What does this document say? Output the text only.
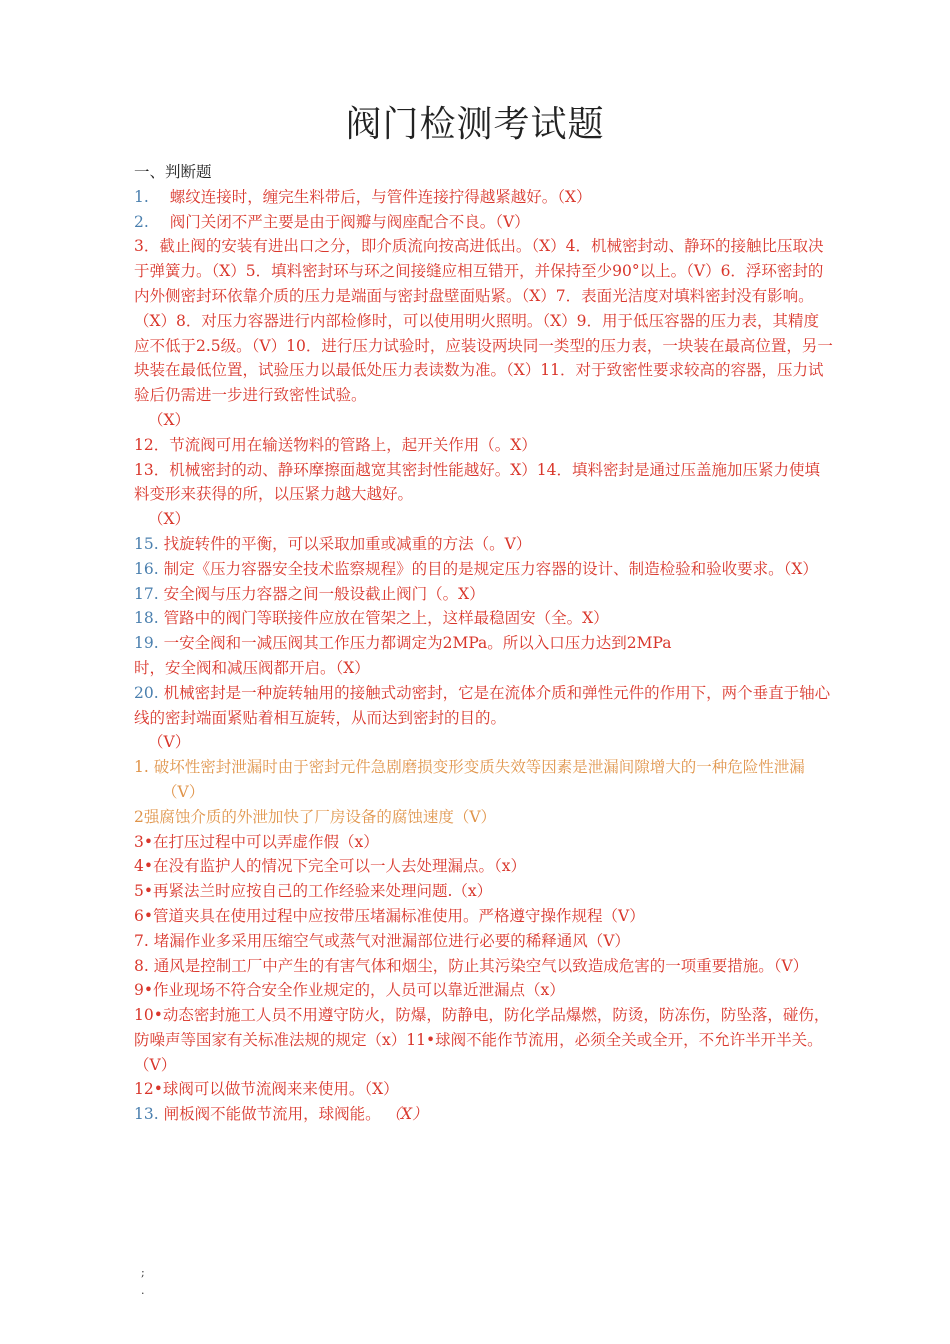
阀门检测考试题
一、判断题
1. 螺纹连接时，缠完生料带后，与管件连接拧得越紧越好。（X）
2. 阀门关闭不严主要是由于阀瓣与阀座配合不良。（V）
3．截止阀的安装有进出口之分，即介质流向按高进低出。（X）4．机械密封动、静环的接触比压取决于弹簧力。（X）5．填料密封环与环之间接缝应相互错开，并保持至少90°以上。（V）6．浮环密封的内外侧密封环依靠介质的压力是端面与密封盘壁面贴紧。（X）7．表面光洁度对填料密封没有影响。（X）8．对压力容器进行内部检修时，可以使用明火照明。（X）9．用于低压容器的压力表，其精度应不低于2.5级。（V）10．进行压力试验时，应装设两块同一类型的压力表，一块装在最高位置，另一块装在最低位置，试验压力以最低处压力表读数为准。（X）11．对于致密性要求较高的容器，压力试验后仍需进一步进行致密性试验。
（X）
12．节流阀可用在输送物料的管路上，起开关作用（。X）
13．机械密封的动、静环摩擦面越宽其密封性能越好。X）14．填料密封是通过压盖施加压紧力使填料变形来获得的所，以压紧力越大越好。
（X）
15. 找旋转件的平衡，可以采取加重或减重的方法（。V）
16. 制定《压力容器安全技术监察规程》的目的是规定压力容器的设计、制造检验和验收要求。（X）
17. 安全阀与压力容器之间一般设截止阀门（。X）
18. 管路中的阀门等联接件应放在管架之上，这样最稳固安（全。X）
19. 一安全阀和一减压阀其工作压力都调定为2MPa。所以入口压力达到2MPa
时，安全阀和减压阀都开启。（X）
20. 机械密封是一种旋转轴用的接触式动密封，它是在流体介质和弹性元件的作用下，两个垂直于轴心线的密封端面紧贴着相互旋转，从而达到密封的目的。
（V）
1. 破坏性密封泄漏时由于密封元件急剧磨损变形变质失效等因素是泄漏间隙增大的一种危险性泄漏（V）
2强腐蚀介质的外泄加快了厂房设备的腐蚀速度（V）
3•在打压过程中可以弄虚作假（x）
4•在没有监护人的情况下完全可以一人去处理漏点。（x）
5•再紧法兰时应按自己的工作经验来处理问题.（x）
6•管道夹具在使用过程中应按带压堵漏标准使用。严格遵守操作规程（V）
7. 堵漏作业多采用压缩空气或蒸气对泄漏部位进行必要的稀释通风（V）
8. 通风是控制工厂中产生的有害气体和烟尘，防止其污染空气以致造成危害的一项重要措施。（V）
9•作业现场不符合安全作业规定的，人员可以靠近泄漏点（x）
10•动态密封施工人员不用遵守防火，防爆，防静电，防化学品爆燃，防烫，防冻伤，防坠落，碰伤，防噪声等国家有关标准法规的规定（x）11•球阀不能作节流用，必须全关或全开，不允许半开半关。（V）
12•球阀可以做节流阀来来使用。（X）
13. 闸板阀不能做节流用，球阀能。 （X）
;
.
